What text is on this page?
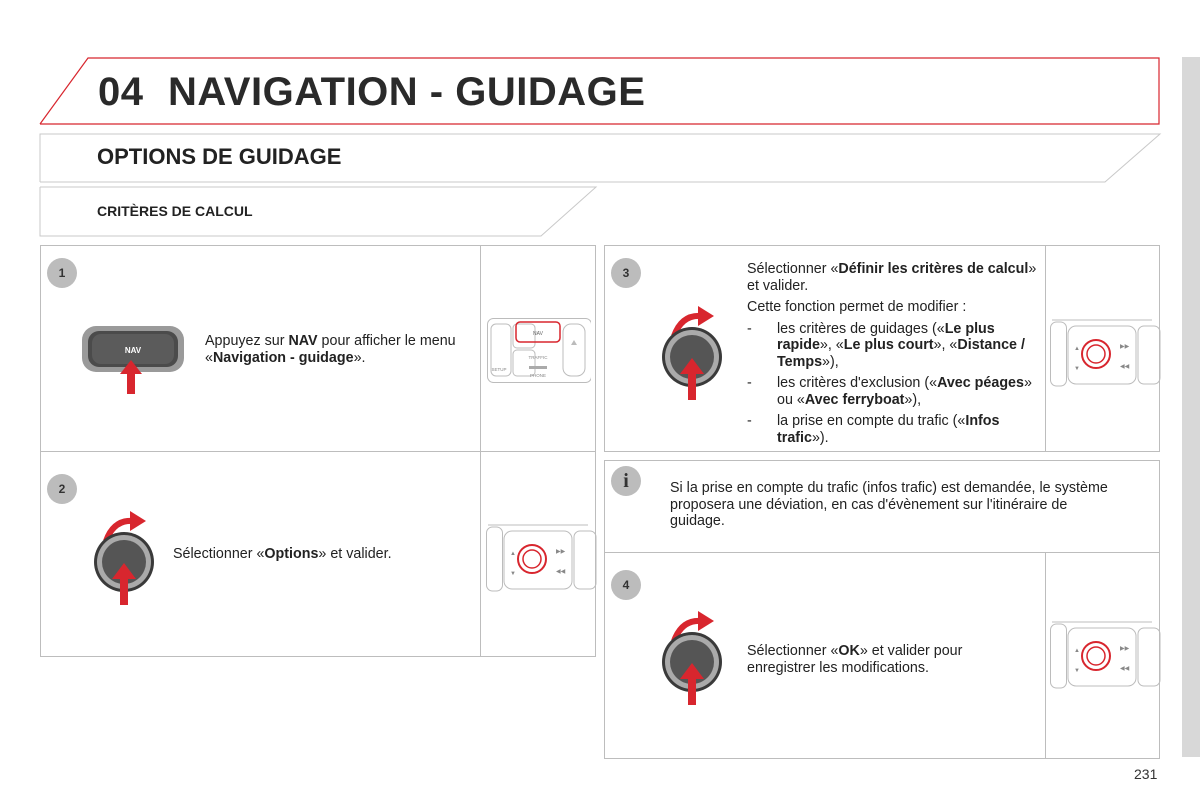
04 NAVIGATION - GUIDAGE
OPTIONS DE GUIDAGE
CRITÈRES DE CALCUL
1
NAV
Appuyez sur NAV pour afficher le menu «Navigation - guidage».
NAV
TRAFFIC
PHONE
SETUP
2
Sélectionner «Options» et valider.	▲
▼
▶▶
◀◀
3	Sélectionner «Définir les critères de calcul» et valider.
Cette fonction permet de modifier :
- les critères de guidages («Le plus rapide», «Le plus court», «Distance / Temps»),
- les critères d'exclusion («Avec péages» ou «Avec ferryboat»),
- la prise en compte du trafic («Infos trafic»).
▲
▼
▶▶
◀◀
i	Si la prise en compte du trafic (infos trafic) est demandée, le système proposera une déviation, en cas d'évènement sur l'itinéraire de guidage.
4
Sélectionner «OK» et valider pour enregistrer les modifications.
▲
▼
▶▶
◀◀
231
